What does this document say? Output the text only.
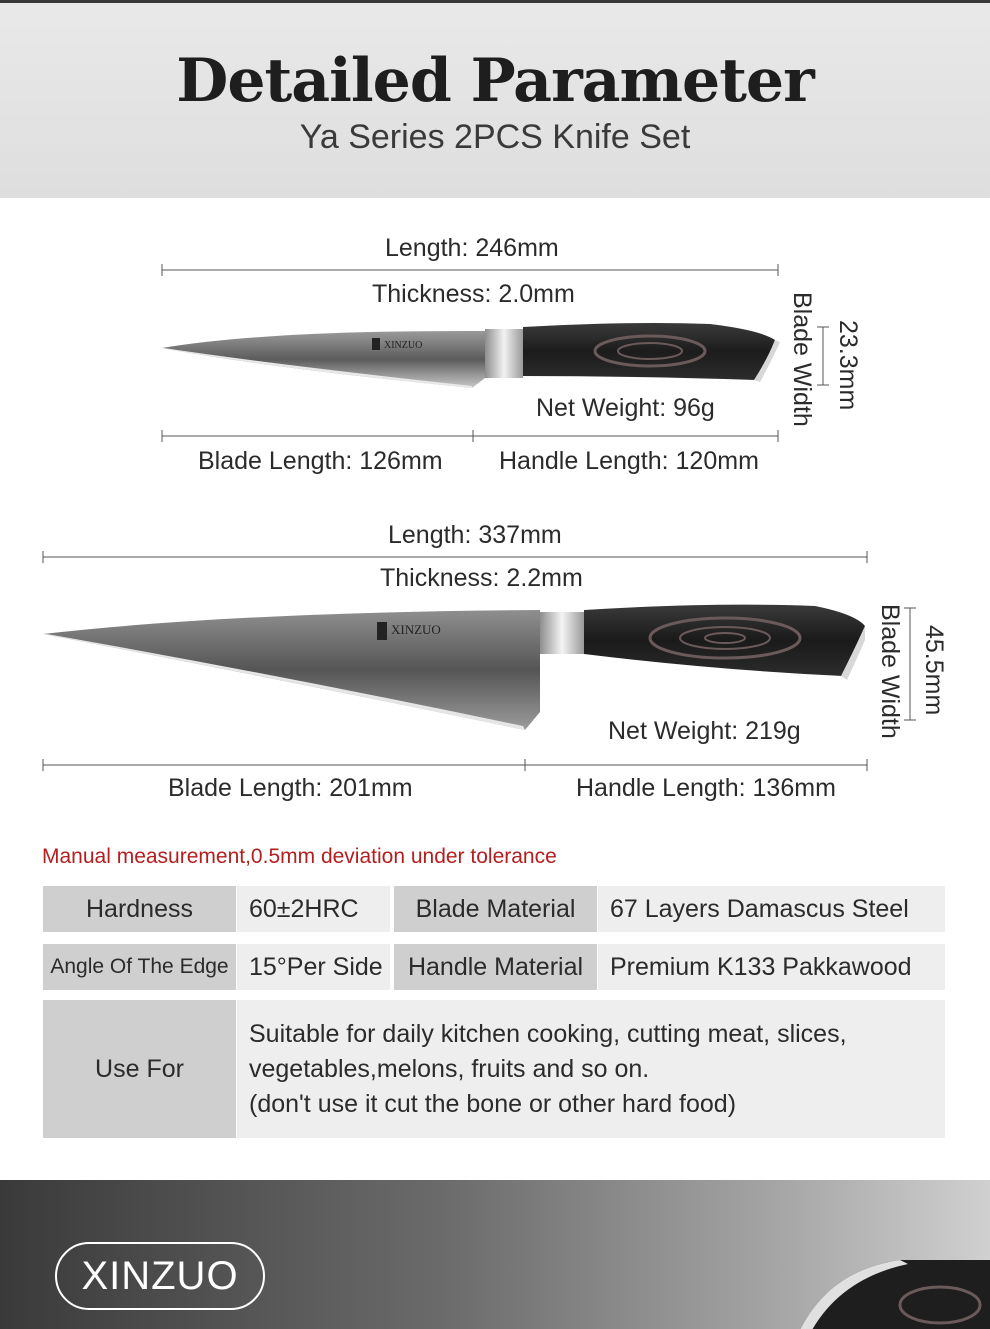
Detailed Parameter
Ya Series 2PCS Knife Set
XINZUO
XINZUO
Length: 246mm
Thickness: 2.0mm
Net Weight: 96g
Blade Length: 126mm Handle Length: 120mm
Blade Width 23.3mm
Length: 337mm
Thickness: 2.2mm
Net Weight: 219g
Blade Length: 201mm	Handle Length: 136mm
Blade Width 45.5mm
Manual measurement,0.5mm deviation under tolerance
Hardness	60±2HRC	Blade Material	67 Layers Damascus Steel
Angle Of The Edge 15°Per Side	Handle Material	Premium K133 Pakkawood
Use For
Suitable for daily kitchen cooking, cutting meat, slices,
vegetables,melons, fruits and so on.
(don't use it cut the bone or other hard food)
XINZUO
